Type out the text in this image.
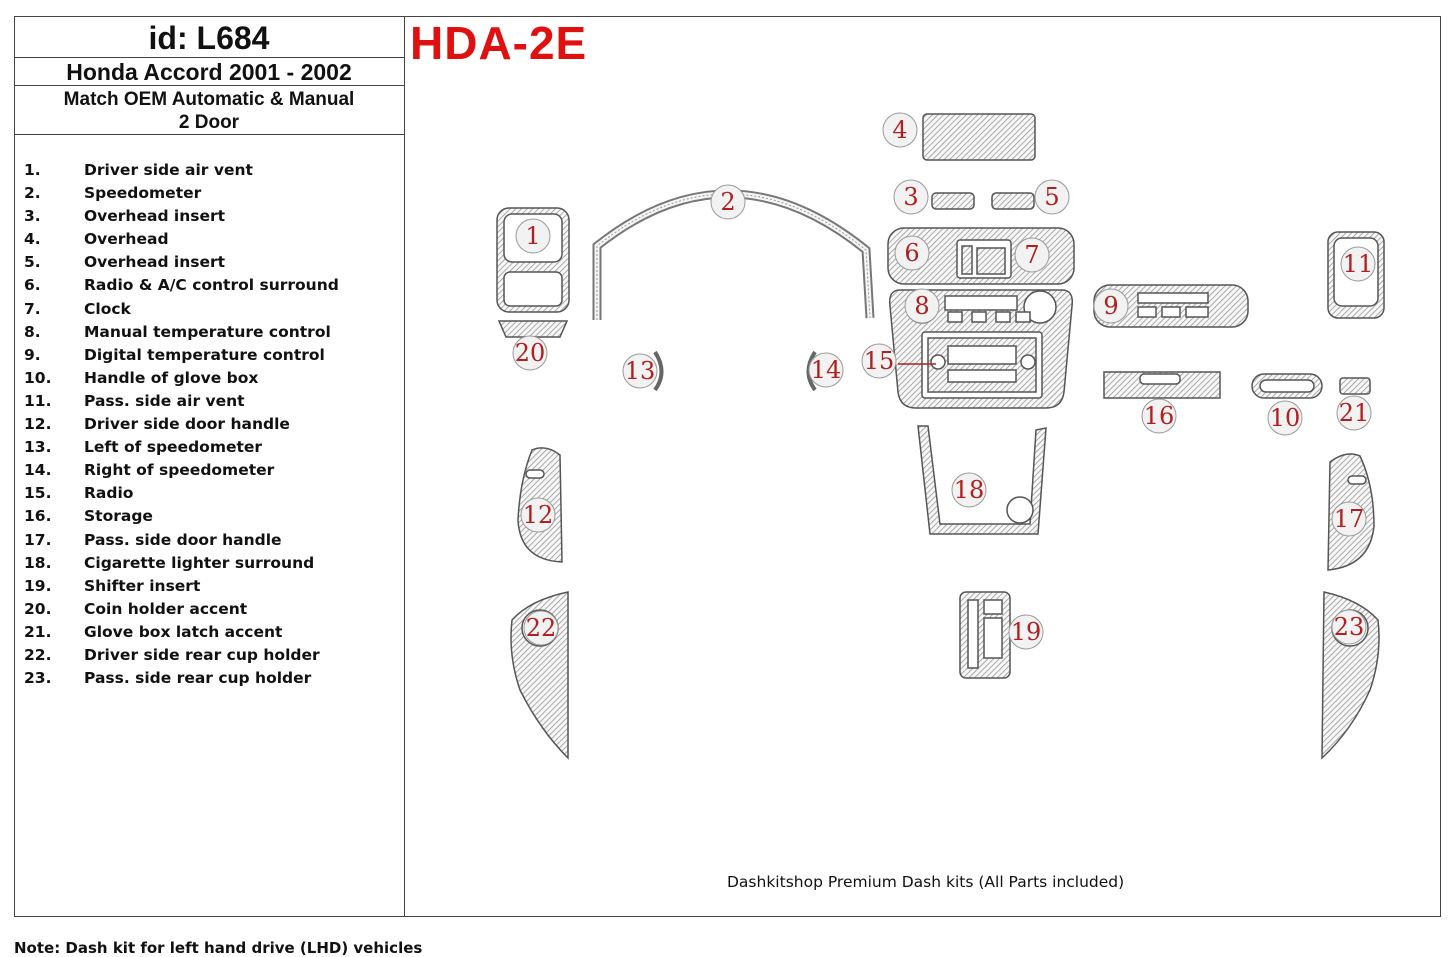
id: L684
Honda Accord 2001 - 2002
Match OEM Automatic & Manual
2 Door
1.	Driver side air vent
2.	Speedometer
3.	Overhead insert
4.	Overhead
5.	Overhead insert
6.	Radio & A/C control surround
7.	Clock
8.	Manual temperature control
9.	Digital temperature control
10. Handle of glove box
11. Pass. side air vent
12. Driver side door handle
13. Left of speedometer
14. Right of speedometer
15. Radio
16. Storage
17. Pass. side door handle
18. Cigarette lighter surround
19. Shifter insert
20. Coin holder accent
21. Glove box latch accent
22. Driver side rear cup holder
23. Pass. side rear cup holder
HDA-2E
1
2	3
4
5
6	7
8	9
10
11
12
13	14 15
16
17
18
19
20
21
22	23
Dashkitshop Premium Dash kits (All Parts included)
Note: Dash kit for left hand drive (LHD) vehicles
